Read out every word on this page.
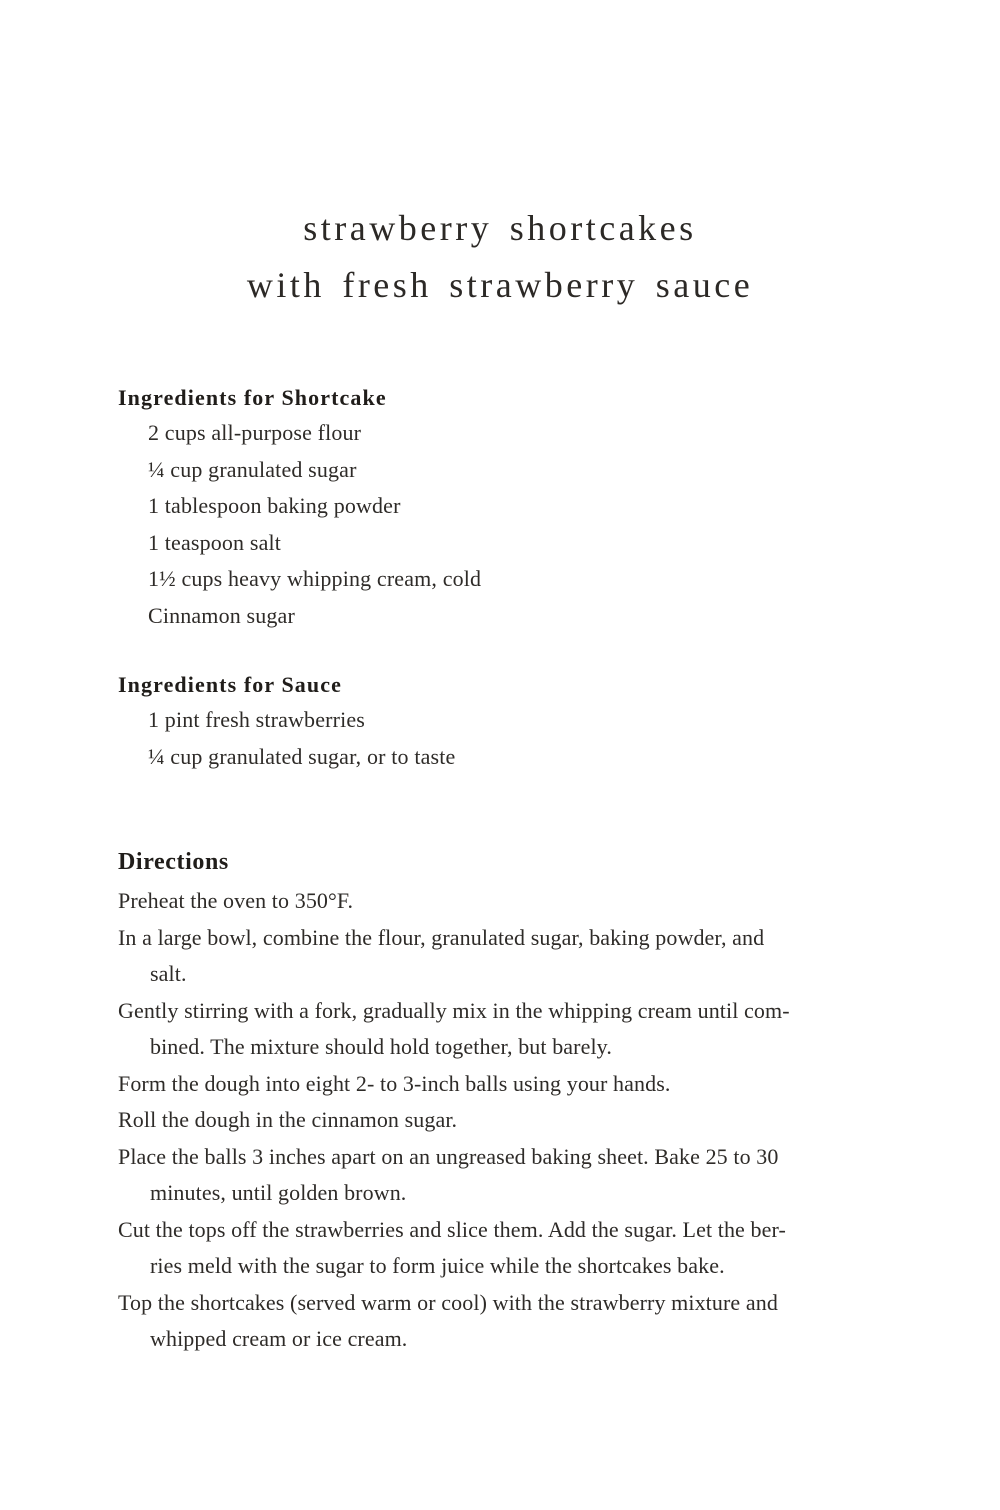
strawberry shortcakes
with fresh strawberry sauce
Ingredients for Shortcake
2 cups all-purpose flour
¼ cup granulated sugar
1 tablespoon baking powder
1 teaspoon salt
1½ cups heavy whipping cream, cold
Cinnamon sugar
Ingredients for Sauce
1 pint fresh strawberries
¼ cup granulated sugar, or to taste
Directions
Preheat the oven to 350°F.
In a large bowl, combine the flour, granulated sugar, baking powder, and
salt.
Gently stirring with a fork, gradually mix in the whipping cream until com-
bined. The mixture should hold together, but barely.
Form the dough into eight 2- to 3-inch balls using your hands.
Roll the dough in the cinnamon sugar.
Place the balls 3 inches apart on an ungreased baking sheet. Bake 25 to 30
minutes, until golden brown.
Cut the tops off the strawberries and slice them. Add the sugar. Let the ber-
ries meld with the sugar to form juice while the shortcakes bake.
Top the shortcakes (served warm or cool) with the strawberry mixture and
whipped cream or ice cream.
